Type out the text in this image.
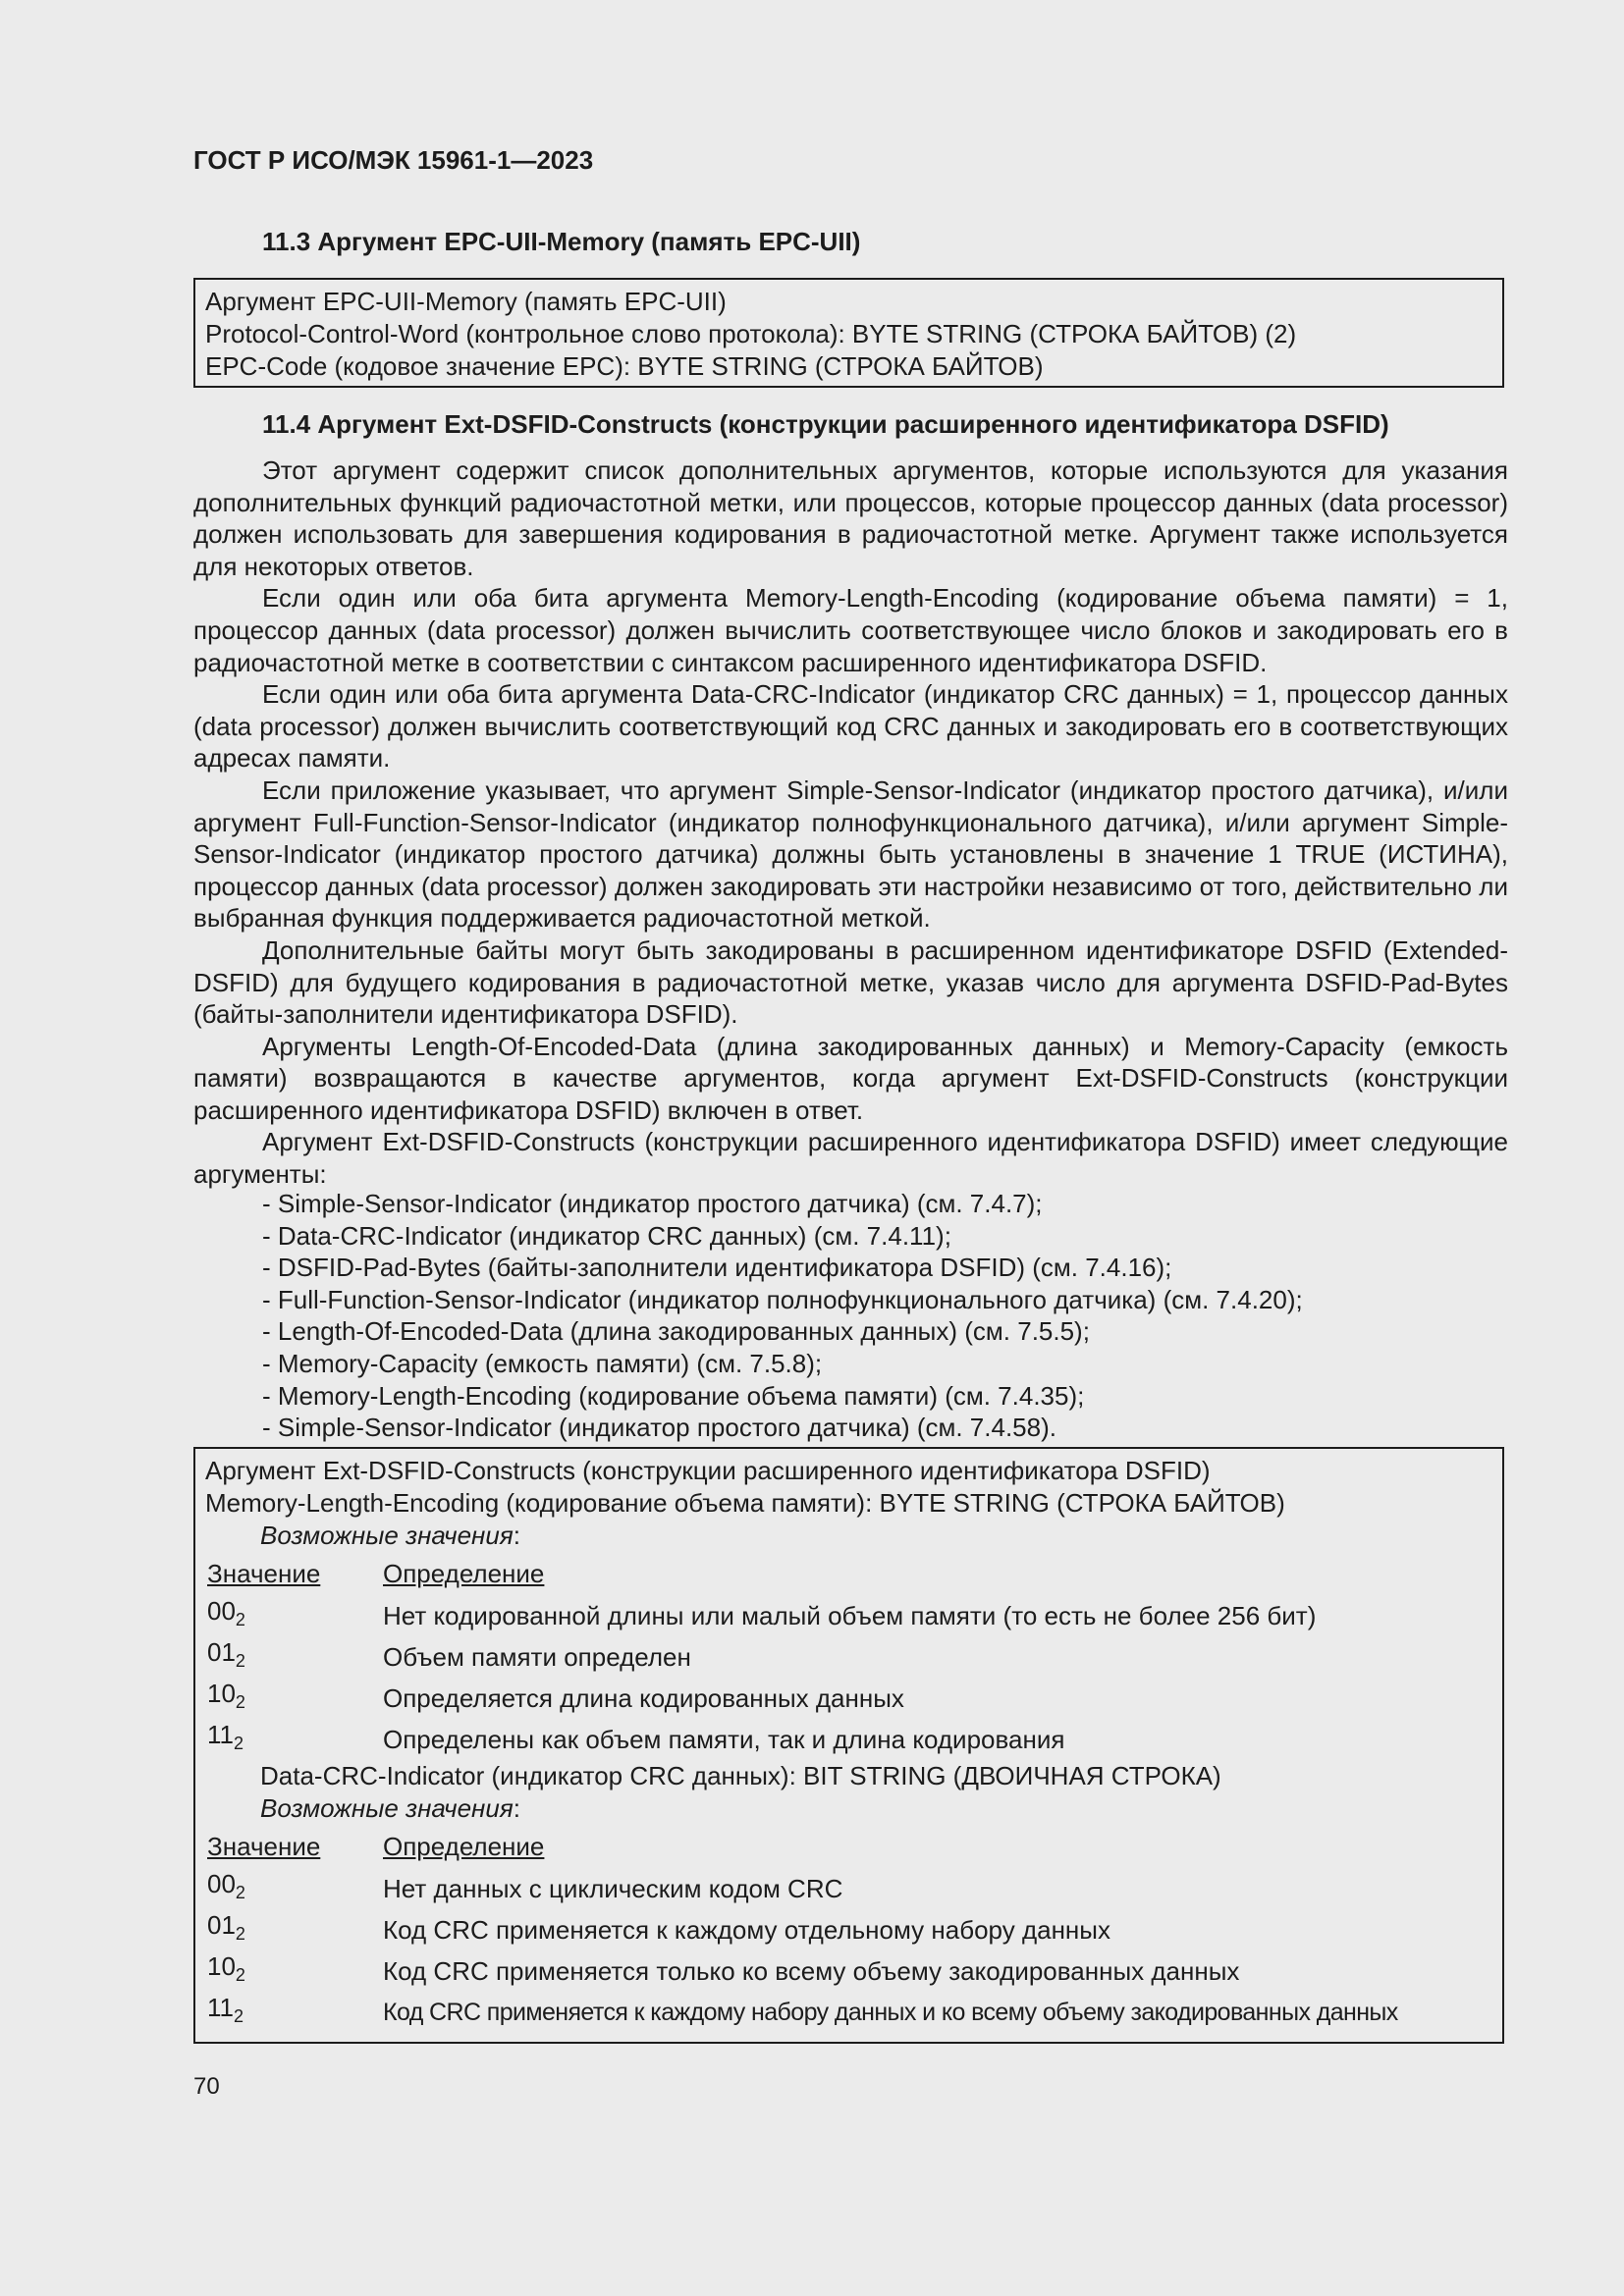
ГОСТ Р ИСО/МЭК 15961-1—2023
11.3 Аргумент EPC-UII-Memory (память EPC-UII)
Аргумент EPC-UII-Memory (память EPC-UII)
Protocol-Control-Word (контрольное слово протокола): BYTE STRING (СТРОКА БАЙТОВ) (2)
EPC-Code (кодовое значение EPC): BYTE STRING (СТРОКА БАЙТОВ)
11.4 Аргумент Ext-DSFID-Constructs (конструкции расширенного идентификатора DSFID)

Этот аргумент содержит список дополнительных аргументов, которые используются для указания дополнительных функций радиочастотной метки, или процессов, которые процессор данных (data processor) должен использовать для завершения кодирования в радиочастотной метке. Аргумент также используется для некоторых ответов.

Если один или оба бита аргумента Memory-Length-Encoding (кодирование объема памяти) = 1, процессор данных (data processor) должен вычислить соответствующее число блоков и закодировать его в радиочастотной метке в соответствии с синтаксом расширенного идентификатора DSFID.

Если один или оба бита аргумента Data-CRC-Indicator (индикатор CRC данных) = 1, процессор данных (data processor) должен вычислить соответствующий код CRC данных и закодировать его в соответствующих адресах памяти.

Если приложение указывает, что аргумент Simple-Sensor-Indicator (индикатор простого датчика), и/или аргумент Full-Function-Sensor-Indicator (индикатор полнофункционального датчика), и/или аргумент Simple-Sensor-Indicator (индикатор простого датчика) должны быть установлены в значение 1 TRUE (ИСТИНА), процессор данных (data processor) должен закодировать эти настройки независимо от того, действительно ли выбранная функция поддерживается радиочастотной меткой.

Дополнительные байты могут быть закодированы в расширенном идентификаторе DSFID (Extended-DSFID) для будущего кодирования в радиочастотной метке, указав число для аргумента DSFID-Pad-Bytes (байты-заполнители идентификатора DSFID).

Аргументы Length-Of-Encoded-Data (длина закодированных данных) и Memory-Capacity (емкость памяти) возвращаются в качестве аргументов, когда аргумент Ext-DSFID-Constructs (конструкции расширенного идентификатора DSFID) включен в ответ.

Аргумент Ext-DSFID-Constructs (конструкции расширенного идентификатора DSFID) имеет следующие аргументы:

- Simple-Sensor-Indicator (индикатор простого датчика) (см. 7.4.7);
- Data-CRC-Indicator (индикатор CRC данных) (см. 7.4.11);
- DSFID-Pad-Bytes (байты-заполнители идентификатора DSFID) (см. 7.4.16);
- Full-Function-Sensor-Indicator (индикатор полнофункционального датчика) (см. 7.4.20);
- Length-Of-Encoded-Data (длина закодированных данных) (см. 7.5.5);
- Memory-Capacity (емкость памяти) (см. 7.5.8);
- Memory-Length-Encoding (кодирование объема памяти) (см. 7.4.35);
- Simple-Sensor-Indicator (индикатор простого датчика) (см. 7.4.58).
Аргумент Ext-DSFID-Constructs (конструкции расширенного идентификатора DSFID)
Memory-Length-Encoding (кодирование объема памяти): BYTE STRING (СТРОКА БАЙТОВ)
Возможные значения:
Значение	Определение
$00_2$	Нет кодированной длины или малый объем памяти (то есть не более 256 бит)
$01_2$	Объем памяти определен
$10_2$	Определяется длина кодированных данных
$11_2$	Определены как объем памяти, так и длина кодирования
Data-CRC-Indicator (индикатор CRC данных): BIT STRING (ДВОИЧНАЯ СТРОКА)
Возможные значения:
Значение	Определение
$00_2$	Нет данных с циклическим кодом CRC
$01_2$	Код CRC применяется к каждому отдельному набору данных
$10_2$	Код CRC применяется только ко всему объему закодированных данных
$11_2$	Код CRC применяется к каждому набору данных и ко всему объему закодированных данных
70
